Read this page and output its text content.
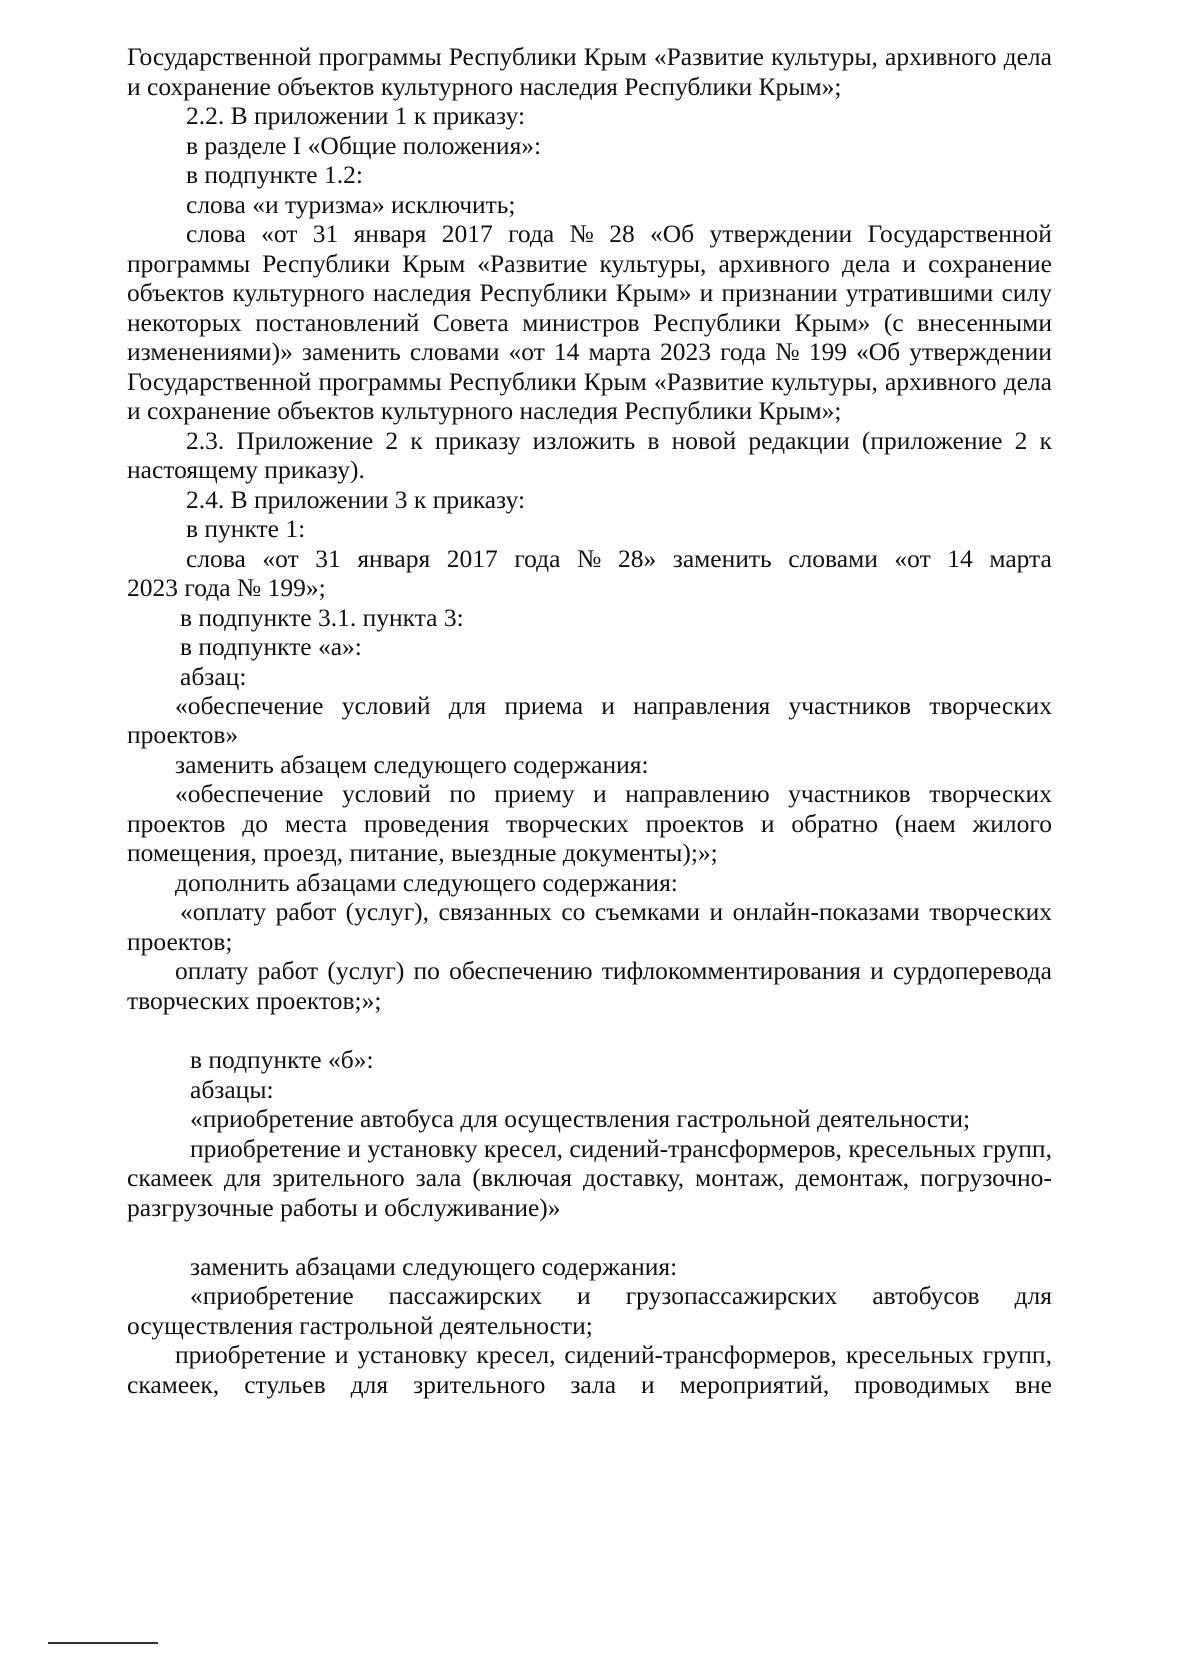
Государственной программы Республики Крым «Развитие культуры, архивного дела
и сохранение объектов культурного наследия Республики Крым»;
2.2. В приложении 1 к приказу:
в разделе I «Общие положения»:
в подпункте 1.2:
слова «и туризма» исключить;
слова «от 31 января 2017 года № 28 «Об утверждении Государственной
программы Республики Крым «Развитие культуры, архивного дела и сохранение
объектов культурного наследия Республики Крым» и признании утратившими силу
некоторых постановлений Совета министров Республики Крым» (с внесенными
изменениями)» заменить словами «от 14 марта 2023 года № 199 «Об утверждении
Государственной программы Республики Крым «Развитие культуры, архивного дела
и сохранение объектов культурного наследия Республики Крым»;
2.3. Приложение 2 к приказу изложить в новой редакции (приложение 2 к
настоящему приказу).
2.4. В приложении 3 к приказу:
в пункте 1:
слова «от 31 января 2017 года № 28» заменить словами «от 14 марта
2023 года № 199»;
в подпункте 3.1. пункта 3:
в подпункте «а»:
абзац:
«обеспечение условий для приема и направления участников творческих
проектов»
заменить абзацем следующего содержания:
«обеспечение условий по приему и направлению участников творческих
проектов до места проведения творческих проектов и обратно (наем жилого
помещения, проезд, питание, выездные документы);»;
дополнить абзацами следующего содержания:
«оплату работ (услуг), связанных со съемками и онлайн-показами творческих
проектов;
оплату работ (услуг) по обеспечению тифлокомментирования и сурдоперевода
творческих проектов;»;
в подпункте «б»:
абзацы:
«приобретение автобуса для осуществления гастрольной деятельности;
приобретение и установку кресел, сидений-трансформеров, кресельных групп,
скамеек для зрительного зала (включая доставку, монтаж, демонтаж, погрузочно-
разгрузочные работы и обслуживание)»
заменить абзацами следующего содержания:
«приобретение пассажирских и грузопассажирских автобусов для
осуществления гастрольной деятельности;
приобретение и установку кресел, сидений-трансформеров, кресельных групп,
скамеек, стульев для зрительного зала и мероприятий, проводимых вне
